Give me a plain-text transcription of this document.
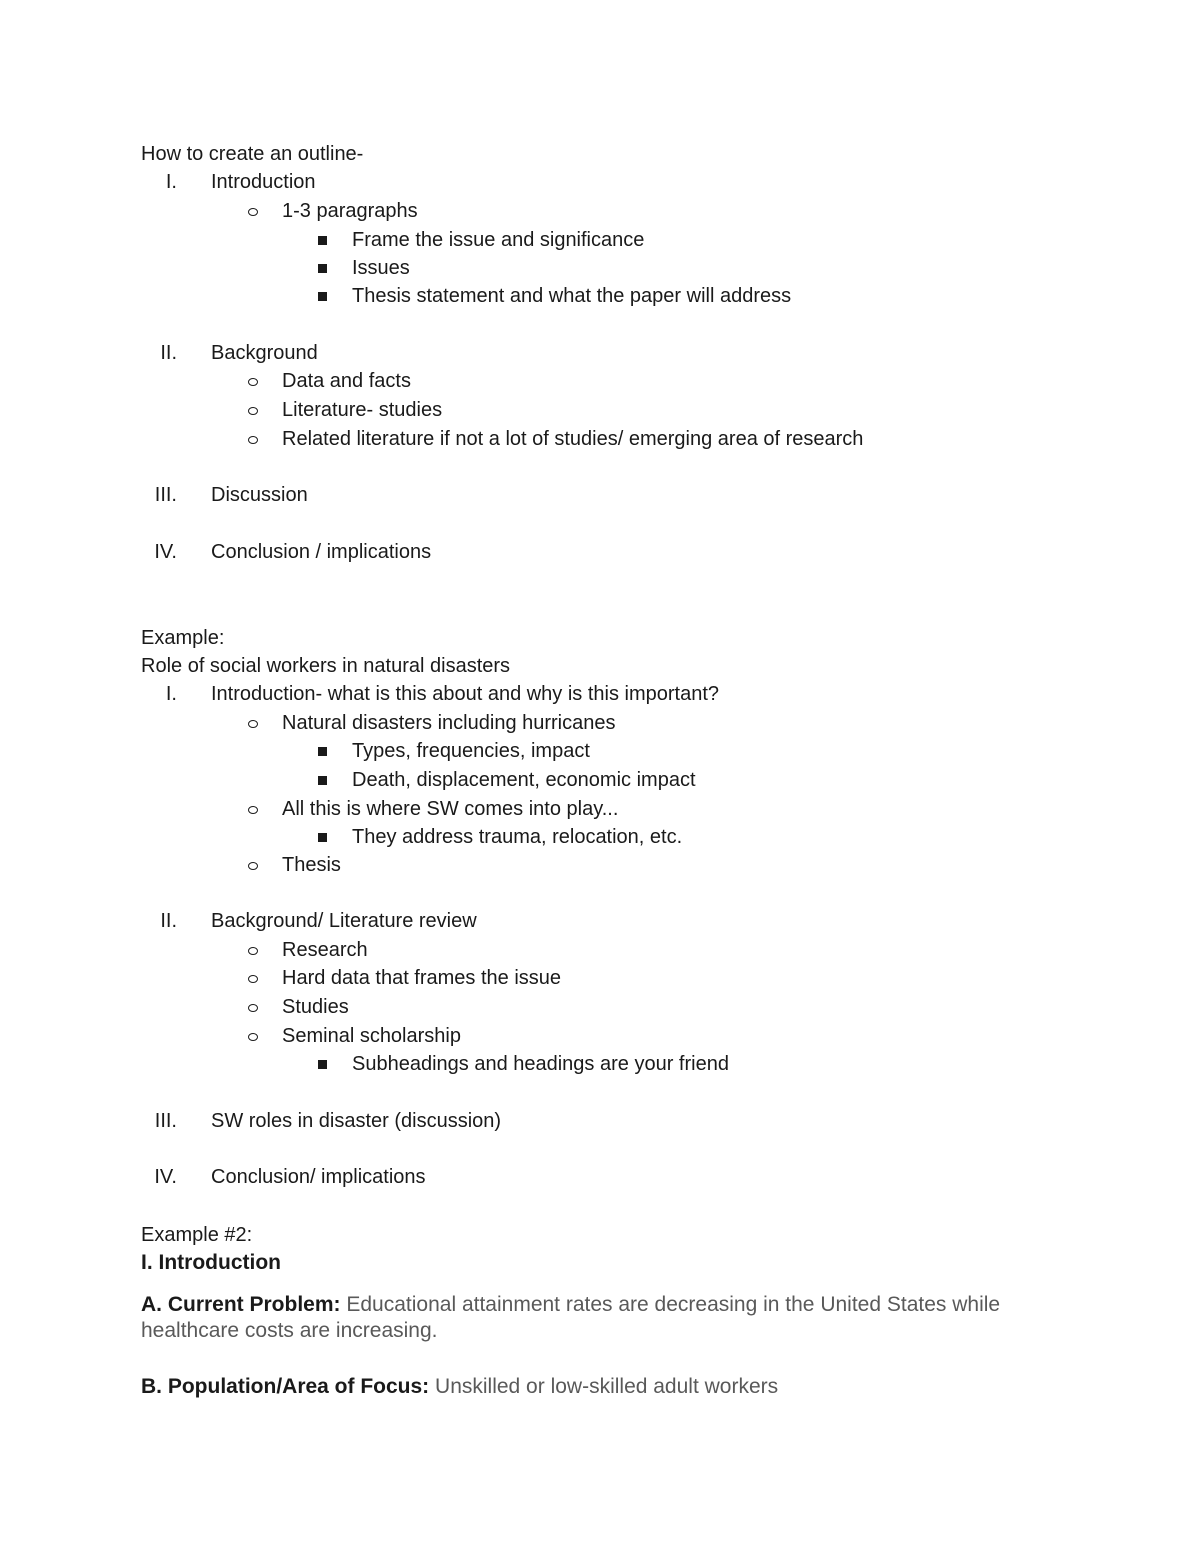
How to create an outline-
I. Introduction
1-3 paragraphs
Frame the issue and significance
Issues
Thesis statement and what the paper will address
II. Background
Data and facts
Literature- studies
Related literature if not a lot of studies/ emerging area of research
III. Discussion
IV. Conclusion / implications
Example:
Role of social workers in natural disasters
I. Introduction- what is this about and why is this important?
Natural disasters including hurricanes
Types, frequencies, impact
Death, displacement, economic impact
All this is where SW comes into play...
They address trauma, relocation, etc.
Thesis
II. Background/ Literature review
Research
Hard data that frames the issue
Studies
Seminal scholarship
Subheadings and headings are your friend
III. SW roles in disaster (discussion)
IV. Conclusion/ implications
Example #2:
I. Introduction
A. Current Problem: Educational attainment rates are decreasing in the United States while healthcare costs are increasing.
B. Population/Area of Focus: Unskilled or low-skilled adult workers
